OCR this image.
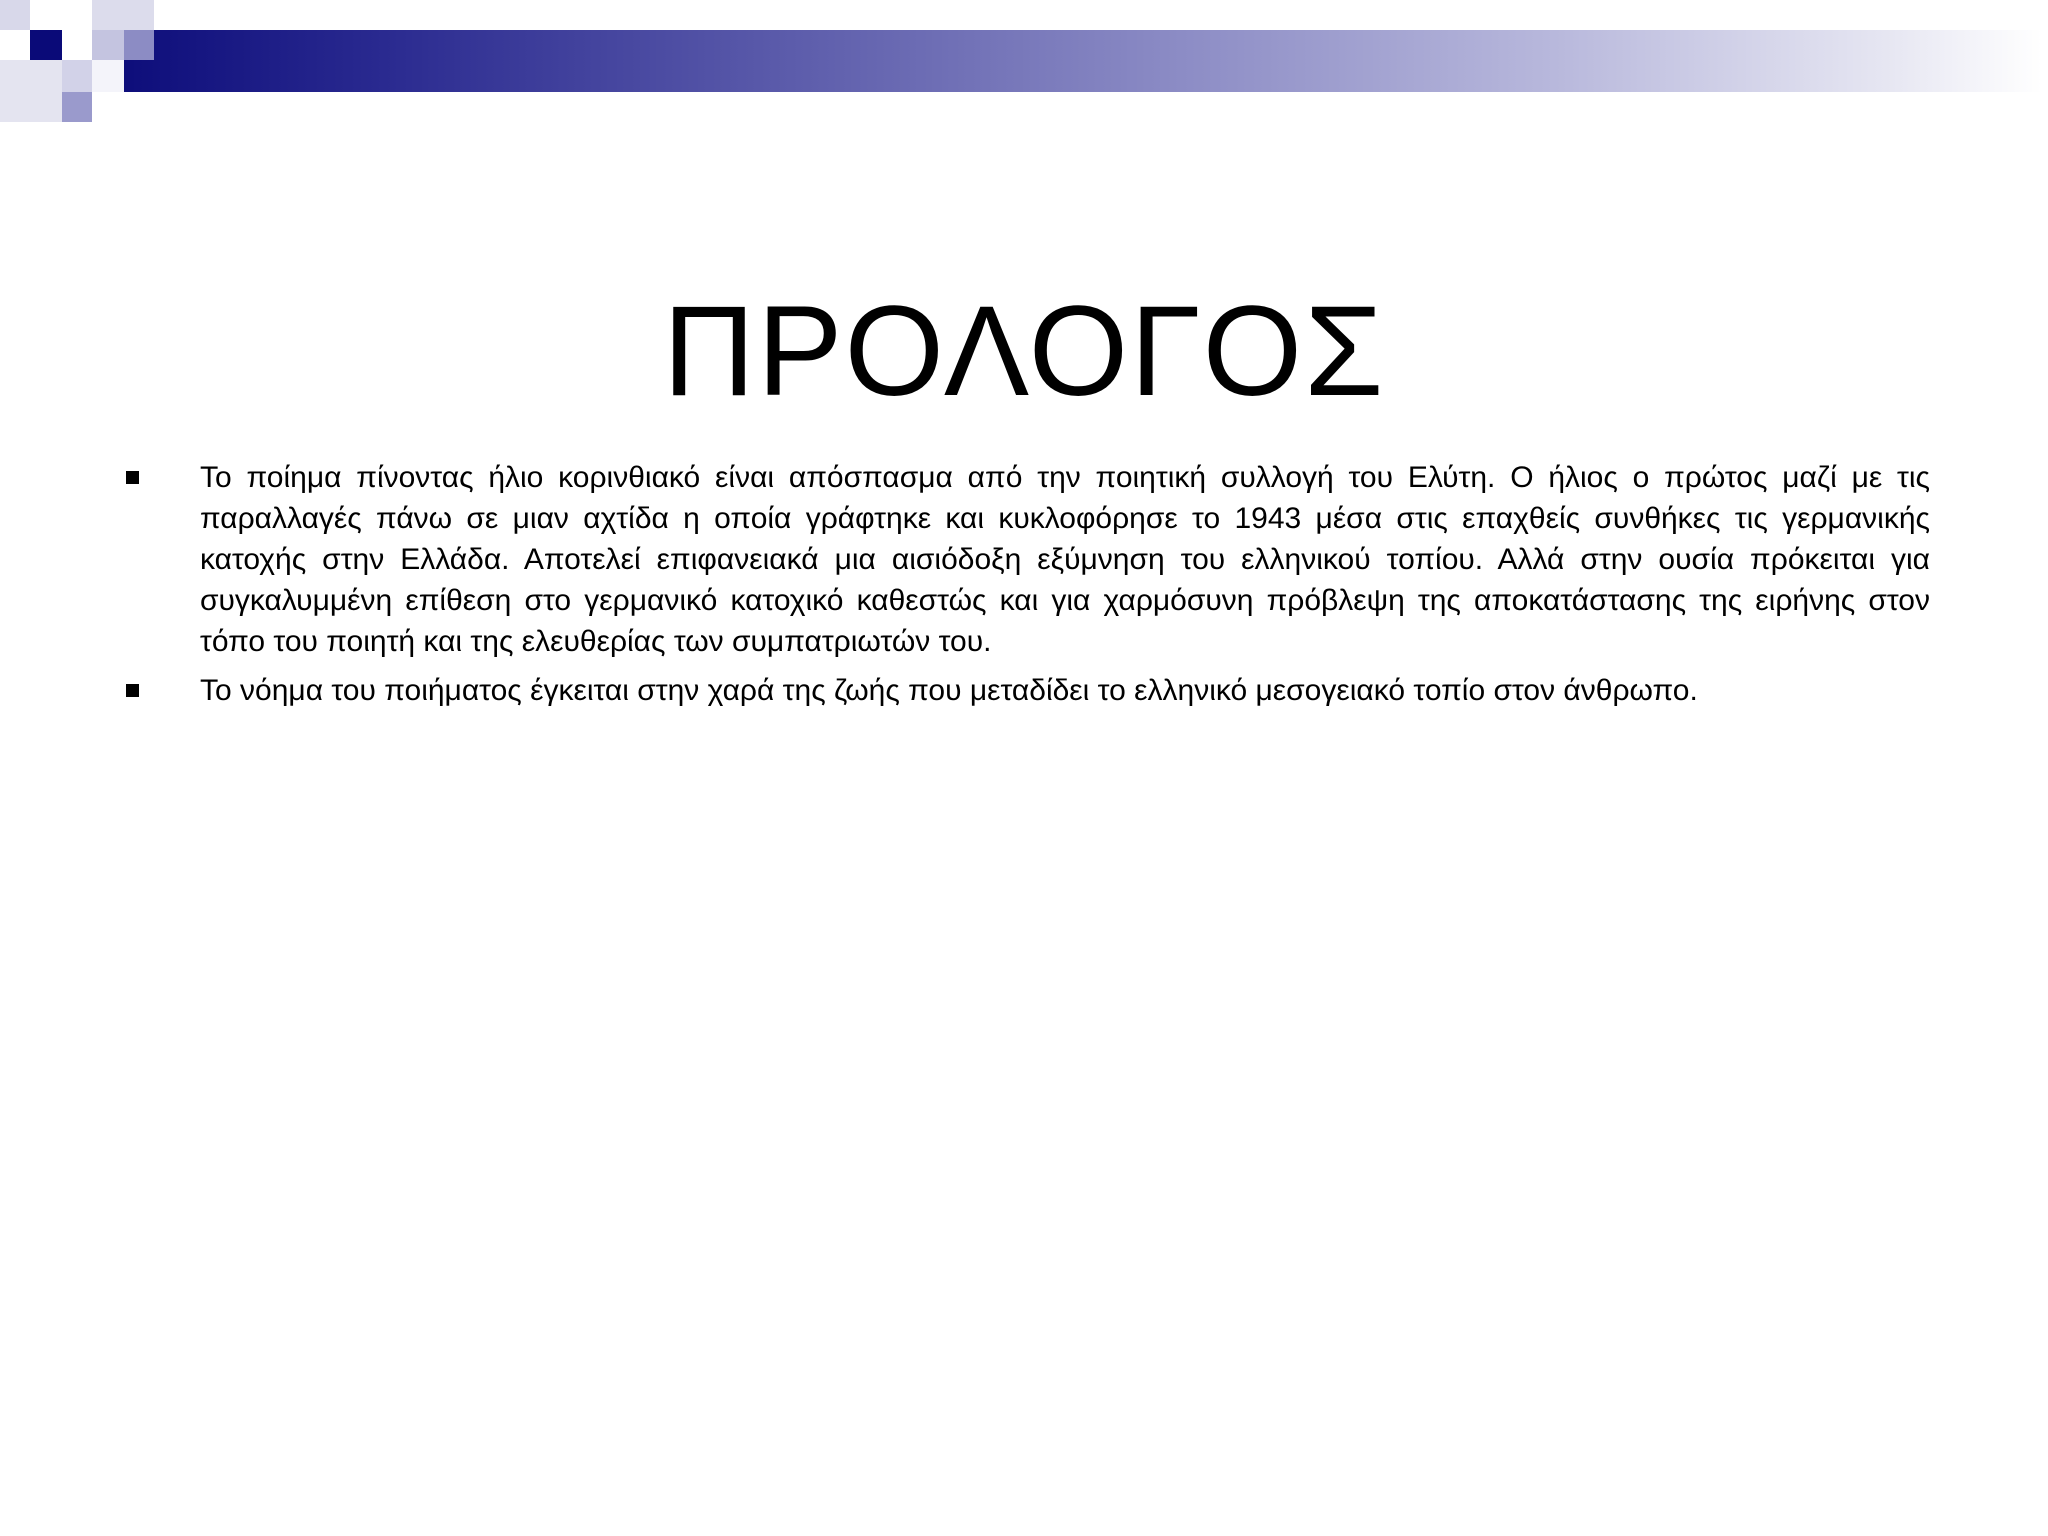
ΠΡΟΛΟΓΟΣ
Το ποίημα πίνοντας ήλιο κορινθιακό είναι απόσπασμα από την ποιητική συλλογή του Ελύτη. Ο ήλιος ο πρώτος μαζί με τις παραλλαγές πάνω σε μιαν αχτίδα η οποία γράφτηκε και κυκλοφόρησε το 1943 μέσα στις επαχθείς συνθήκες τις γερμανικής κατοχής στην Ελλάδα. Αποτελεί επιφανειακά μια αισιόδοξη εξύμνηση του ελληνικού τοπίου. Αλλά στην ουσία πρόκειται για συγκαλυμμένη επίθεση στο γερμανικό κατοχικό καθεστώς και για χαρμόσυνη πρόβλεψη της αποκατάστασης της ειρήνης στον τόπο του ποιητή και της ελευθερίας των συμπατριωτών του.
Το νόημα του ποιήματος έγκειται στην χαρά της ζωής που μεταδίδει το ελληνικό μεσογειακό τοπίο στον άνθρωπο.
